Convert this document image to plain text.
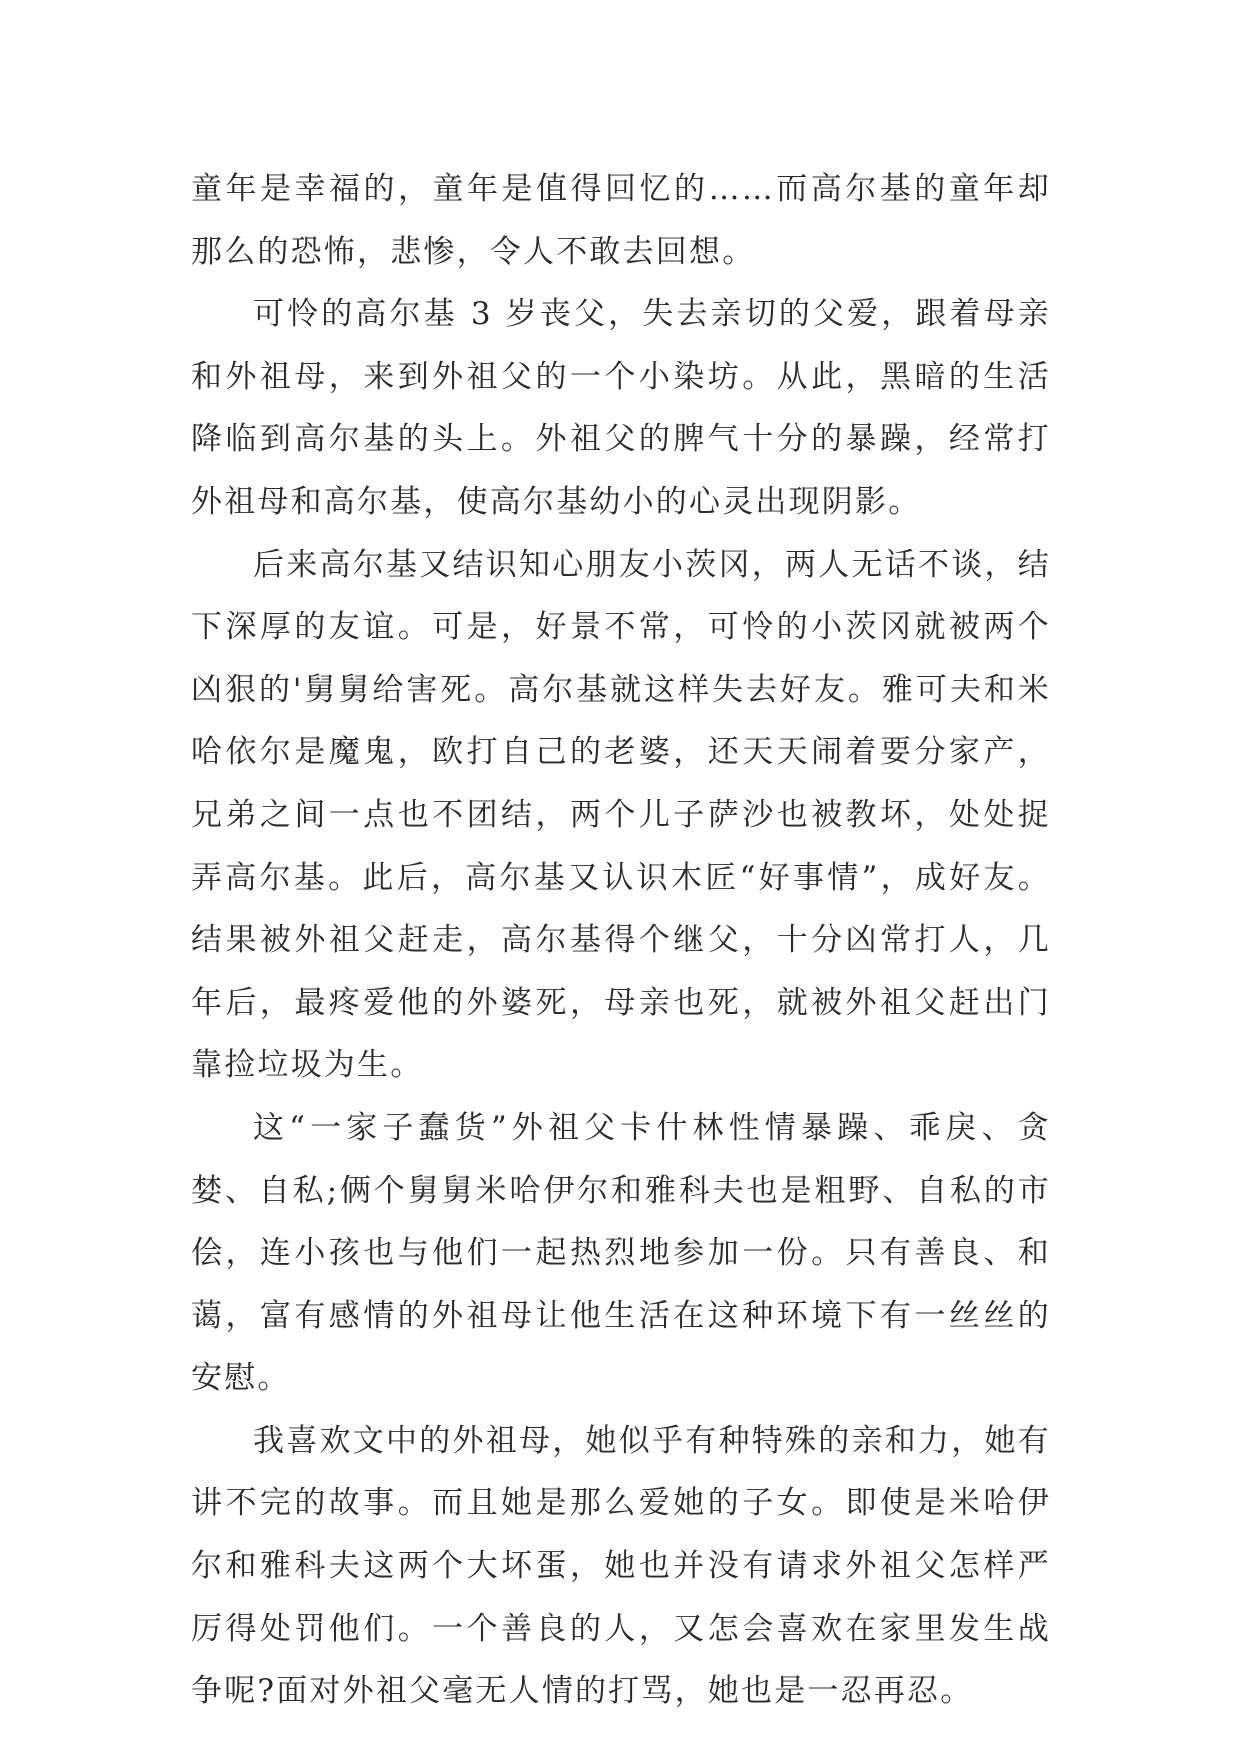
童年是幸福的，童年是值得回忆的……而高尔基的童年却那么的恐怖，悲惨，令人不敢去回想。

可怜的高尔基 3 岁丧父，失去亲切的父爱，跟着母亲和外祖母，来到外祖父的一个小染坊。从此，黑暗的生活降临到高尔基的头上。外祖父的脾气十分的暴躁，经常打外祖母和高尔基，使高尔基幼小的心灵出现阴影。

后来高尔基又结识知心朋友小茨冈，两人无话不谈，结下深厚的友谊。可是，好景不常，可怜的小茨冈就被两个凶狠的'舅舅给害死。高尔基就这样失去好友。雅可夫和米哈依尔是魔鬼，欧打自己的老婆，还天天闹着要分家产，兄弟之间一点也不团结，两个儿子萨沙也被教坏，处处捉弄高尔基。此后，高尔基又认识木匠“好事情”，成好友。结果被外祖父赶走，高尔基得个继父，十分凶常打人，几年后，最疼爱他的外婆死，母亲也死，就被外祖父赶出门靠捡垃圾为生。

这“一家子蠢货”外祖父卡什林性情暴躁、乖戾、贪婪、自私;俩个舅舅米哈伊尔和雅科夫也是粗野、自私的市侩，连小孩也与他们一起热烈地参加一份。只有善良、和蔼，富有感情的外祖母让他生活在这种环境下有一丝丝的安慰。

我喜欢文中的外祖母，她似乎有种特殊的亲和力，她有讲不完的故事。而且她是那么爱她的子女。即使是米哈伊尔和雅科夫这两个大坏蛋，她也并没有请求外祖父怎样严厉得处罚他们。一个善良的人，又怎会喜欢在家里发生战争呢?面对外祖父毫无人情的打骂，她也是一忍再忍。
